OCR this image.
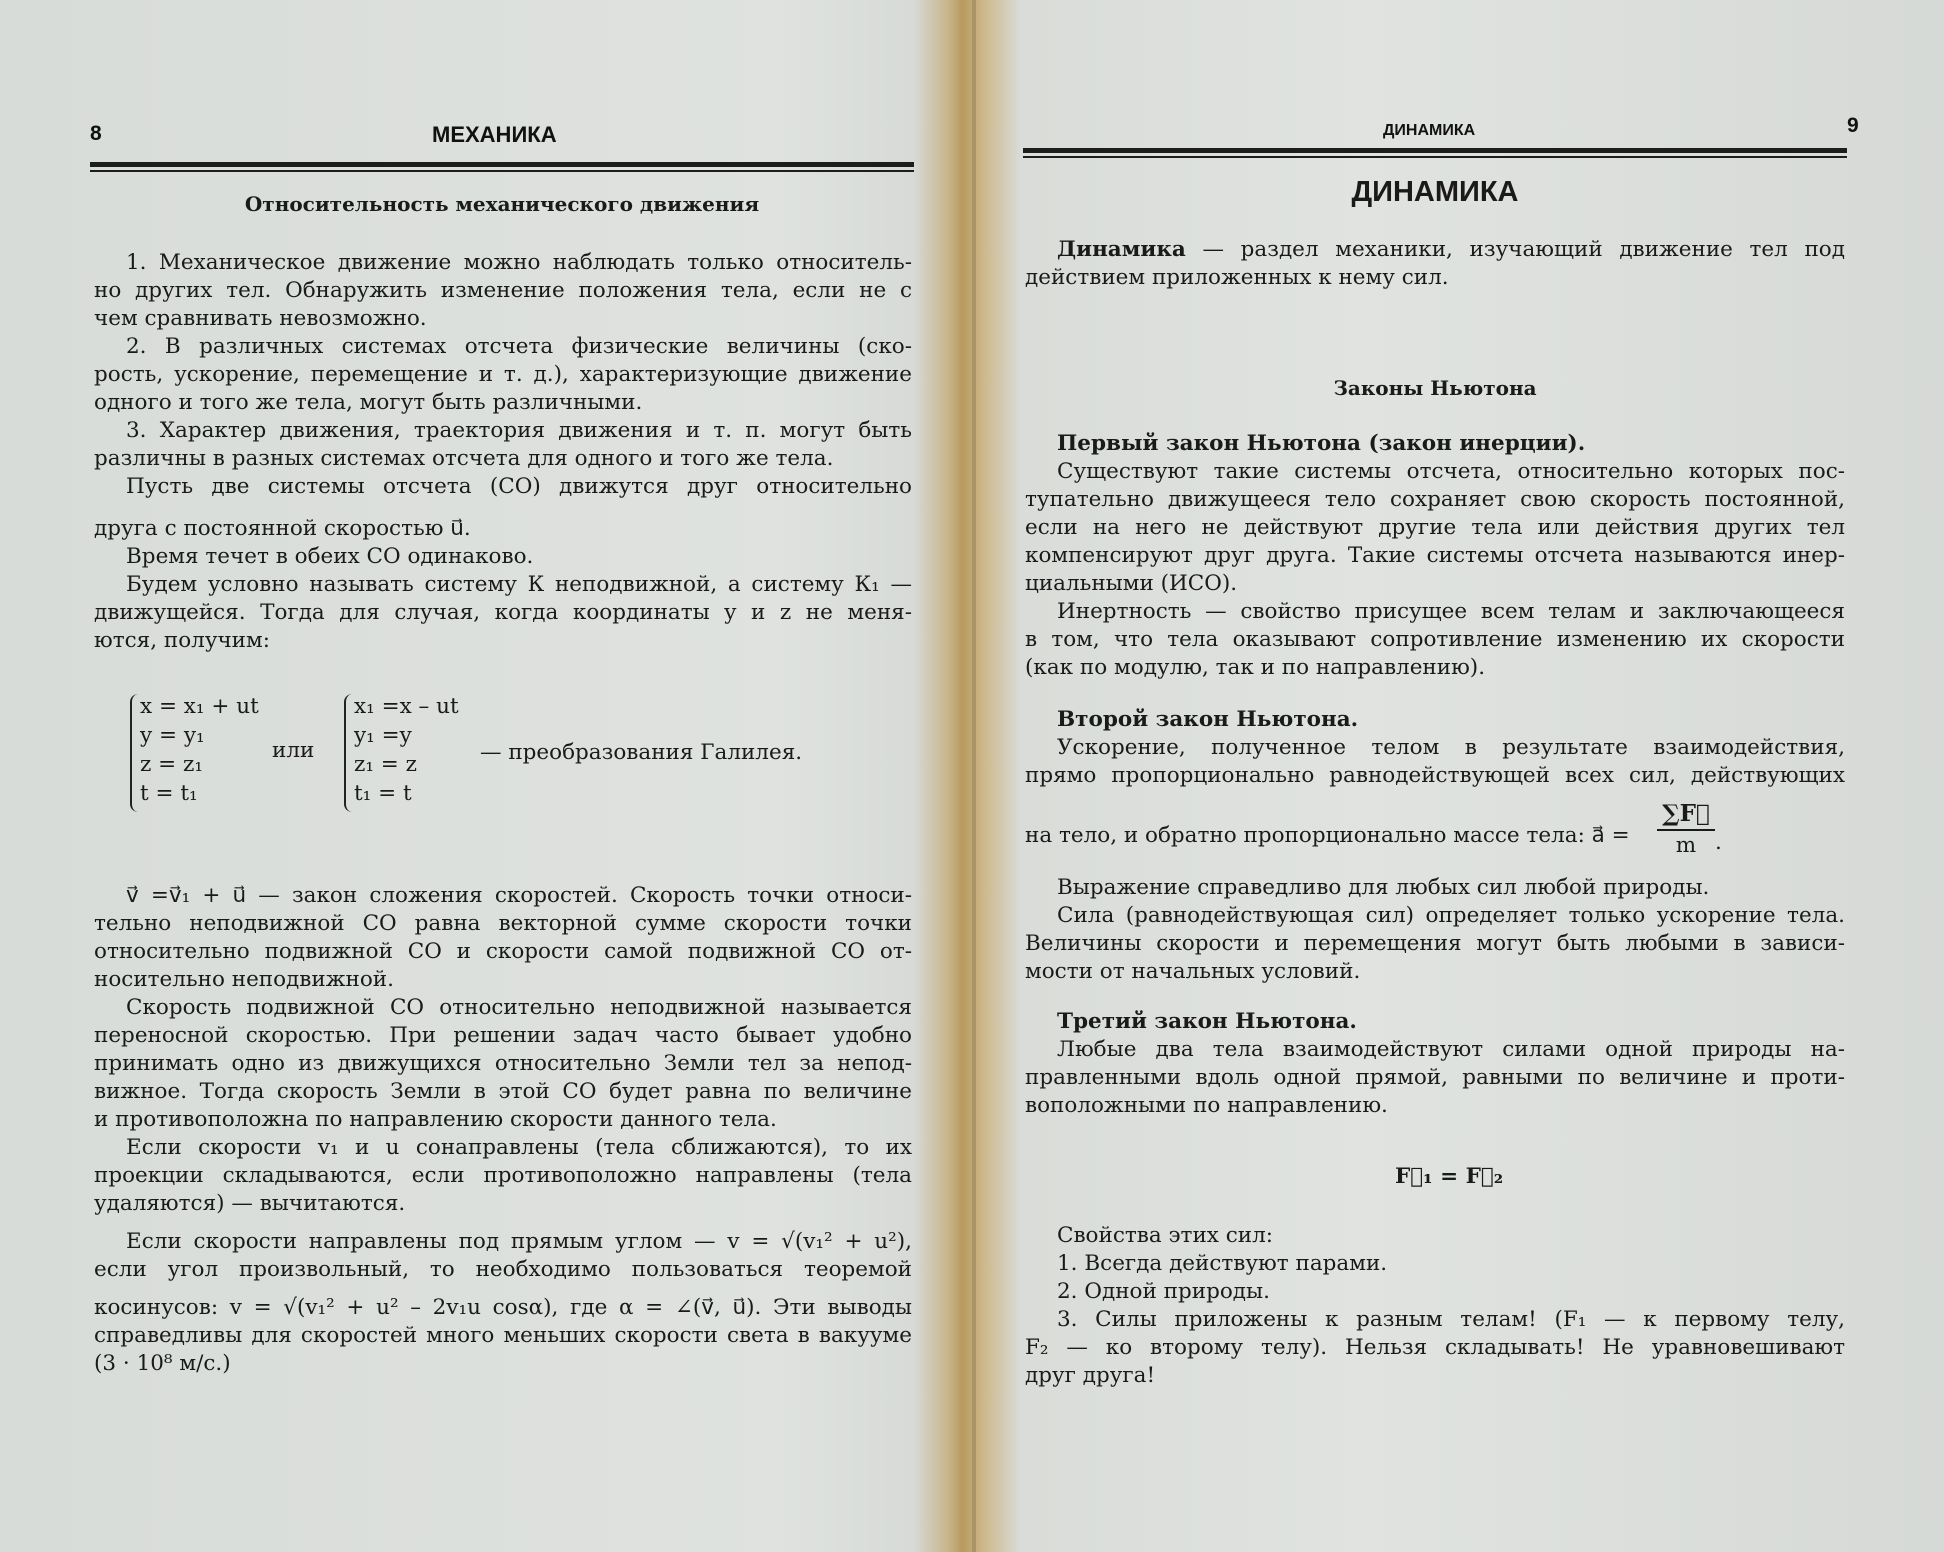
8	МЕХАНИКА
Относительность механического движения

1. Механическое движение можно наблюдать только относитель-

но других тел. Обнаружить изменение положения тела, если не с

чем сравнивать невозможно.

2. В различных системах отсчета физические величины (ско-

рость, ускорение, перемещение и т. д.), характеризующие движение

одного и того же тела, могут быть различными.

3. Характер движения, траектория движения и т. п. могут быть

различны в разных системах отсчета для одного и того же тела.

Пусть две системы отсчета (СО) движутся друг относительно

друга с постоянной скоростью u⃗.

Время течет в обеих СО одинаково.

Будем условно называть систему К неподвижной, а систему К₁ —

движущейся. Тогда для случая, когда координаты y и z не меня-

ются, получим:

x = x₁ + ut
y = y₁
z = z₁
t = t₁
или
x₁ =x – ut
y₁ =y
z₁ = z
t₁ = t
— преобразования Галилея.

v⃗ =v⃗₁ + u⃗ — закон сложения скоростей. Скорость точки относи-

тельно неподвижной СО равна векторной сумме скорости точки

относительно подвижной СО и скорости самой подвижной СО от-

носительно неподвижной.

Скорость подвижной СО относительно неподвижной называется

переносной скоростью. При решении задач часто бывает удобно

принимать одно из движущихся относительно Земли тел за непод-

вижное. Тогда скорость Земли в этой СО будет равна по величине

и противоположна по направлению скорости данного тела.

Если скорости v₁ и u сонаправлены (тела сближаются), то их

проекции складываются, если противоположно направлены (тела

удаляются) — вычитаются.

Если скорости направлены под прямым углом — v = √(v₁² + u²),

если угол произвольный, то необходимо пользоваться теоремой

косинусов: v = √(v₁² + u² – 2v₁u cosα), где α = ∠(v⃗, u⃗). Эти выводы

справедливы для скоростей много меньших скорости света в вакууме

(3 · 10⁸ м/с.)

ДИНАМИКА	9
ДИНАМИКА

Динамика — раздел механики, изучающий движение тел под

действием приложенных к нему сил.

Законы Ньютона

Первый закон Ньютона (закон инерции).

Существуют такие системы отсчета, относительно которых пос-

тупательно движущееся тело сохраняет свою скорость постоянной,

если на него не действуют другие тела или действия других тел

компенсируют друг друга. Такие системы отсчета называются инер-

циальными (ИСО).

Инертность — свойство присущее всем телам и заключающееся

в том, что тела оказывают сопротивление изменению их скорости

(как по модулю, так и по направлению).

Второй закон Ньютона.

Ускорение, полученное телом в результате взаимодействия,

прямо пропорционально равнодействующей всех сил, действующих

на тело, и обратно пропорционально массе тела: a⃗ =

∑F⃗
m .

Выражение справедливо для любых сил любой природы.

Сила (равнодействующая сил) определяет только ускорение тела.

Величины скорости и перемещения могут быть любыми в зависи-

мости от начальных условий.

Третий закон Ньютона.

Любые два тела взаимодействуют силами одной природы на-

правленными вдоль одной прямой, равными по величине и проти-

воположными по направлению.

F⃗₁ = F⃗₂

Свойства этих сил:

1. Всегда действуют парами.

2. Одной природы.

3. Силы приложены к разным телам! (F₁ — к первому телу,

F₂ — ко второму телу). Нельзя складывать! Не уравновешивают

друг друга!
